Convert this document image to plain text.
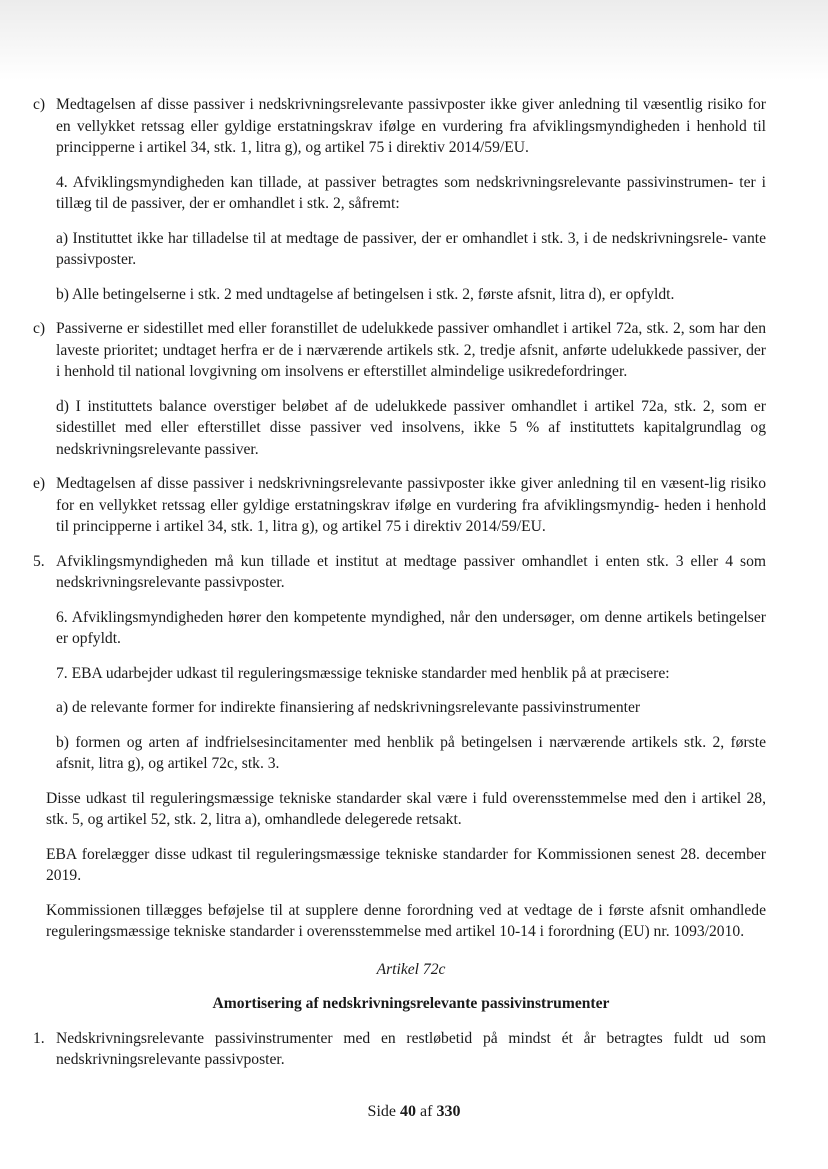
c) Medtagelsen af disse passiver i nedskrivningsrelevante passivposter ikke giver anledning til væsentlig risiko for en vellykket retssag eller gyldige erstatningskrav ifølge en vurdering fra afviklingsmyndigheden i henhold til principperne i artikel 34, stk. 1, litra g), og artikel 75 i direktiv 2014/59/EU.
4. Afviklingsmyndigheden kan tillade, at passiver betragtes som nedskrivningsrelevante passivinstrumen- ter i tillæg til de passiver, der er omhandlet i stk. 2, såfremt:
a) Instituttet ikke har tilladelse til at medtage de passiver, der er omhandlet i stk. 3, i de nedskrivningsrele- vante passivposter.
b) Alle betingelserne i stk. 2 med undtagelse af betingelsen i stk. 2, første afsnit, litra d), er opfyldt.
c) Passiverne er sidestillet med eller foranstillet de udelukkede passiver omhandlet i artikel 72a, stk. 2, som har den laveste prioritet; undtaget herfra er de i nærværende artikels stk. 2, tredje afsnit, anførte udelukkede passiver, der i henhold til national lovgivning om insolvens er efterstillet almindelige usikredefordringer.
d) I instituttets balance overstiger beløbet af de udelukkede passiver omhandlet i artikel 72a, stk. 2, som er sidestillet med eller efterstillet disse passiver ved insolvens, ikke 5 % af instituttets kapitalgrundlag og nedskrivningsrelevante passiver.
e) Medtagelsen af disse passiver i nedskrivningsrelevante passivposter ikke giver anledning til en væsent-lig risiko for en vellykket retssag eller gyldige erstatningskrav ifølge en vurdering fra afviklingsmyndig- heden i henhold til principperne i artikel 34, stk. 1, litra g), og artikel 75 i direktiv 2014/59/EU.
5. Afviklingsmyndigheden må kun tillade et institut at medtage passiver omhandlet i enten stk. 3 eller 4 som nedskrivningsrelevante passivposter.
6. Afviklingsmyndigheden hører den kompetente myndighed, når den undersøger, om denne artikels betingelser er opfyldt.
7. EBA udarbejder udkast til reguleringsmæssige tekniske standarder med henblik på at præcisere:
a) de relevante former for indirekte finansiering af nedskrivningsrelevante passivinstrumenter
b) formen og arten af indfrielsesincitamenter med henblik på betingelsen i nærværende artikels stk. 2, første afsnit, litra g), og artikel 72c, stk. 3.
Disse udkast til reguleringsmæssige tekniske standarder skal være i fuld overensstemmelse med den i artikel 28, stk. 5, og artikel 52, stk. 2, litra a), omhandlede delegerede retsakt.
EBA forelægger disse udkast til reguleringsmæssige tekniske standarder for Kommissionen senest 28. december 2019.
Kommissionen tillægges beføjelse til at supplere denne forordning ved at vedtage de i første afsnit omhandlede reguleringsmæssige tekniske standarder i overensstemmelse med artikel 10-14 i forordning (EU) nr. 1093/2010.
Artikel 72c
Amortisering af nedskrivningsrelevante passivinstrumenter
1. Nedskrivningsrelevante passivinstrumenter med en restløbetid på mindst ét år betragtes fuldt ud som nedskrivningsrelevante passivposter.
Side 40 af 330
